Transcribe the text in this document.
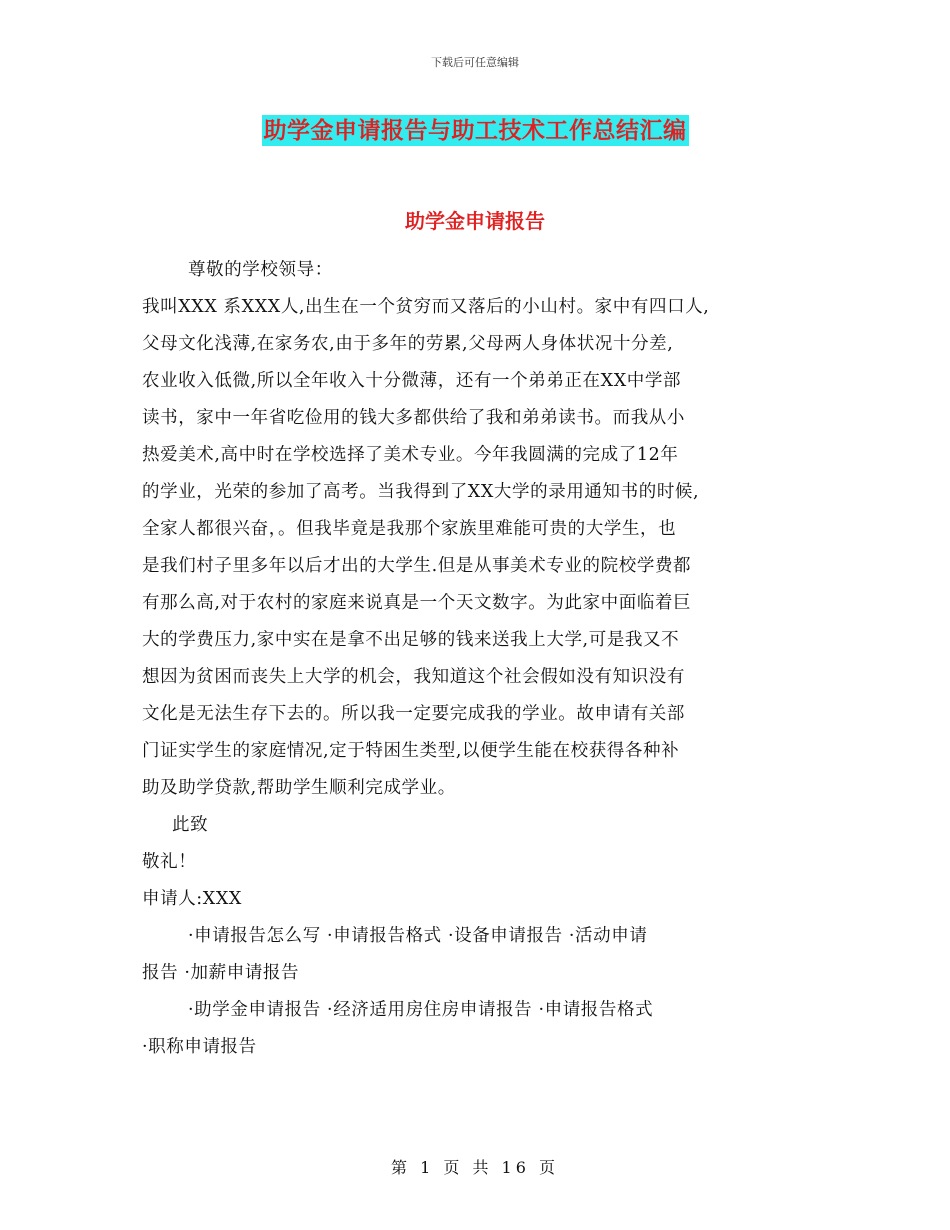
下载后可任意编辑
助学金申请报告与助工技术工作总结汇编
助学金申请报告
尊敬的学校领导：
我叫XXX 系XXX人,出生在一个贫穷而又落后的小山村。家中有四口人,
父母文化浅薄,在家务农,由于多年的劳累,父母两人身体状况十分差,
农业收入低微,所以全年收入十分微薄，还有一个弟弟正在XX中学部
读书，家中一年省吃俭用的钱大多都供给了我和弟弟读书。而我从小
热爱美术,高中时在学校选择了美术专业。今年我圆满的完成了12年
的学业，光荣的参加了高考。当我得到了XX大学的录用通知书的时候,
全家人都很兴奋，。但我毕竟是我那个家族里难能可贵的大学生，也
是我们村子里多年以后才出的大学生.但是从事美术专业的院校学费都
有那么高,对于农村的家庭来说真是一个天文数字。为此家中面临着巨
大的学费压力,家中实在是拿不出足够的钱来送我上大学,可是我又不
想因为贫困而丧失上大学的机会，我知道这个社会假如没有知识没有
文化是无法生存下去的。所以我一定要完成我的学业。故申请有关部
门证实学生的家庭情况,定于特困生类型,以便学生能在校获得各种补
助及助学贷款,帮助学生顺利完成学业。
此致
敬礼！
申请人:XXX
·申请报告怎么写 ·申请报告格式 ·设备申请报告 ·活动申请
报告 ·加薪申请报告
·助学金申请报告 ·经济适用房住房申请报告 ·申请报告格式
·职称申请报告
第 1 页 共 16 页
